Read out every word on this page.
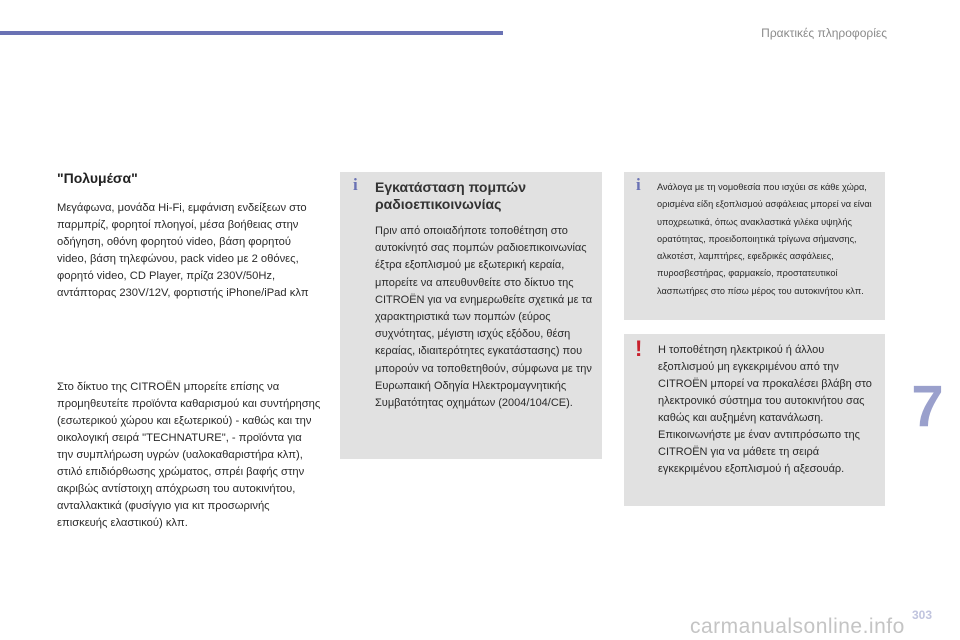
Πρακτικές πληροφορίες
"Πολυμέσα"

Μεγάφωνα, μονάδα Hi-Fi, εμφάνιση ενδείξεων στο παρμπρίζ, φορητοί πλοηγοί, μέσα βοήθειας στην οδήγηση, οθόνη φορητού video, βάση φορητού video, βάση τηλεφώνου, pack video με 2 οθόνες, φορητό video, CD Player, πρίζα 230V/50Hz, αντάπτορας 230V/12V, φορτιστής iPhone/iPad κλπ

Στο δίκτυο της CITROËN μπορείτε επίσης να προμηθευτείτε προϊόντα καθαρισμού και συντήρησης (εσωτερικού χώρου και εξωτερικού) - καθώς και την οικολογική σειρά "TECHNATURE", - προϊόντα για την συμπλήρωση υγρών (υαλοκαθαριστήρα κλπ), στιλό επιδιόρθωσης χρώματος, σπρέι βαφής στην ακριβώς αντίστοιχη απόχρωση του αυτοκινήτου, ανταλλακτικά (φυσίγγιο για κιτ προσωρινής επισκευής ελαστικού) κλπ.

i Εγκατάσταση πομπών ραδιοεπικοινωνίας

Πριν από οποιαδήποτε τοποθέτηση στο αυτοκίνητό σας πομπών ραδιοεπικοινωνίας έξτρα εξοπλισμού με εξωτερική κεραία, μπορείτε να απευθυνθείτε στο δίκτυο της CITROËN για να ενημερωθείτε σχετικά με τα χαρακτηριστικά των πομπών (εύρος συχνότητας, μέγιστη ισχύς εξόδου, θέση κεραίας, ιδιαιτερότητες εγκατάστασης) που μπορούν να τοποθετηθούν, σύμφωνα με την Ευρωπαική Οδηγία Ηλεκτρομαγνητικής Συμβατότητας οχημάτων (2004/104/CE).

i Ανάλογα με τη νομοθεσία που ισχύει σε κάθε χώρα, ορισμένα είδη εξοπλισμού ασφάλειας μπορεί να είναι υποχρεωτικά, όπως ανακλαστικά γιλέκα υψηλής ορατότητας, προειδοποιητικά τρίγωνα σήμανσης, αλκοτέστ, λαμπτήρες, εφεδρικές ασφάλειες, πυροσβεστήρας, φαρμακείο, προστατευτικοί λασπωτήρες στο πίσω μέρος του αυτοκινήτου κλπ.

! Η τοποθέτηση ηλεκτρικού ή άλλου εξοπλισμού μη εγκεκριμένου από την CITROËN μπορεί να προκαλέσει βλάβη στο ηλεκτρονικό σύστημα του αυτοκινήτου σας καθώς και αυξημένη κατανάλωση. Επικοινωνήστε με έναν αντιπρόσωπο της CITROËN για να μάθετε τη σειρά εγκεκριμένου εξοπλισμού ή αξεσουάρ.

7
carmanualsonline.info 303
